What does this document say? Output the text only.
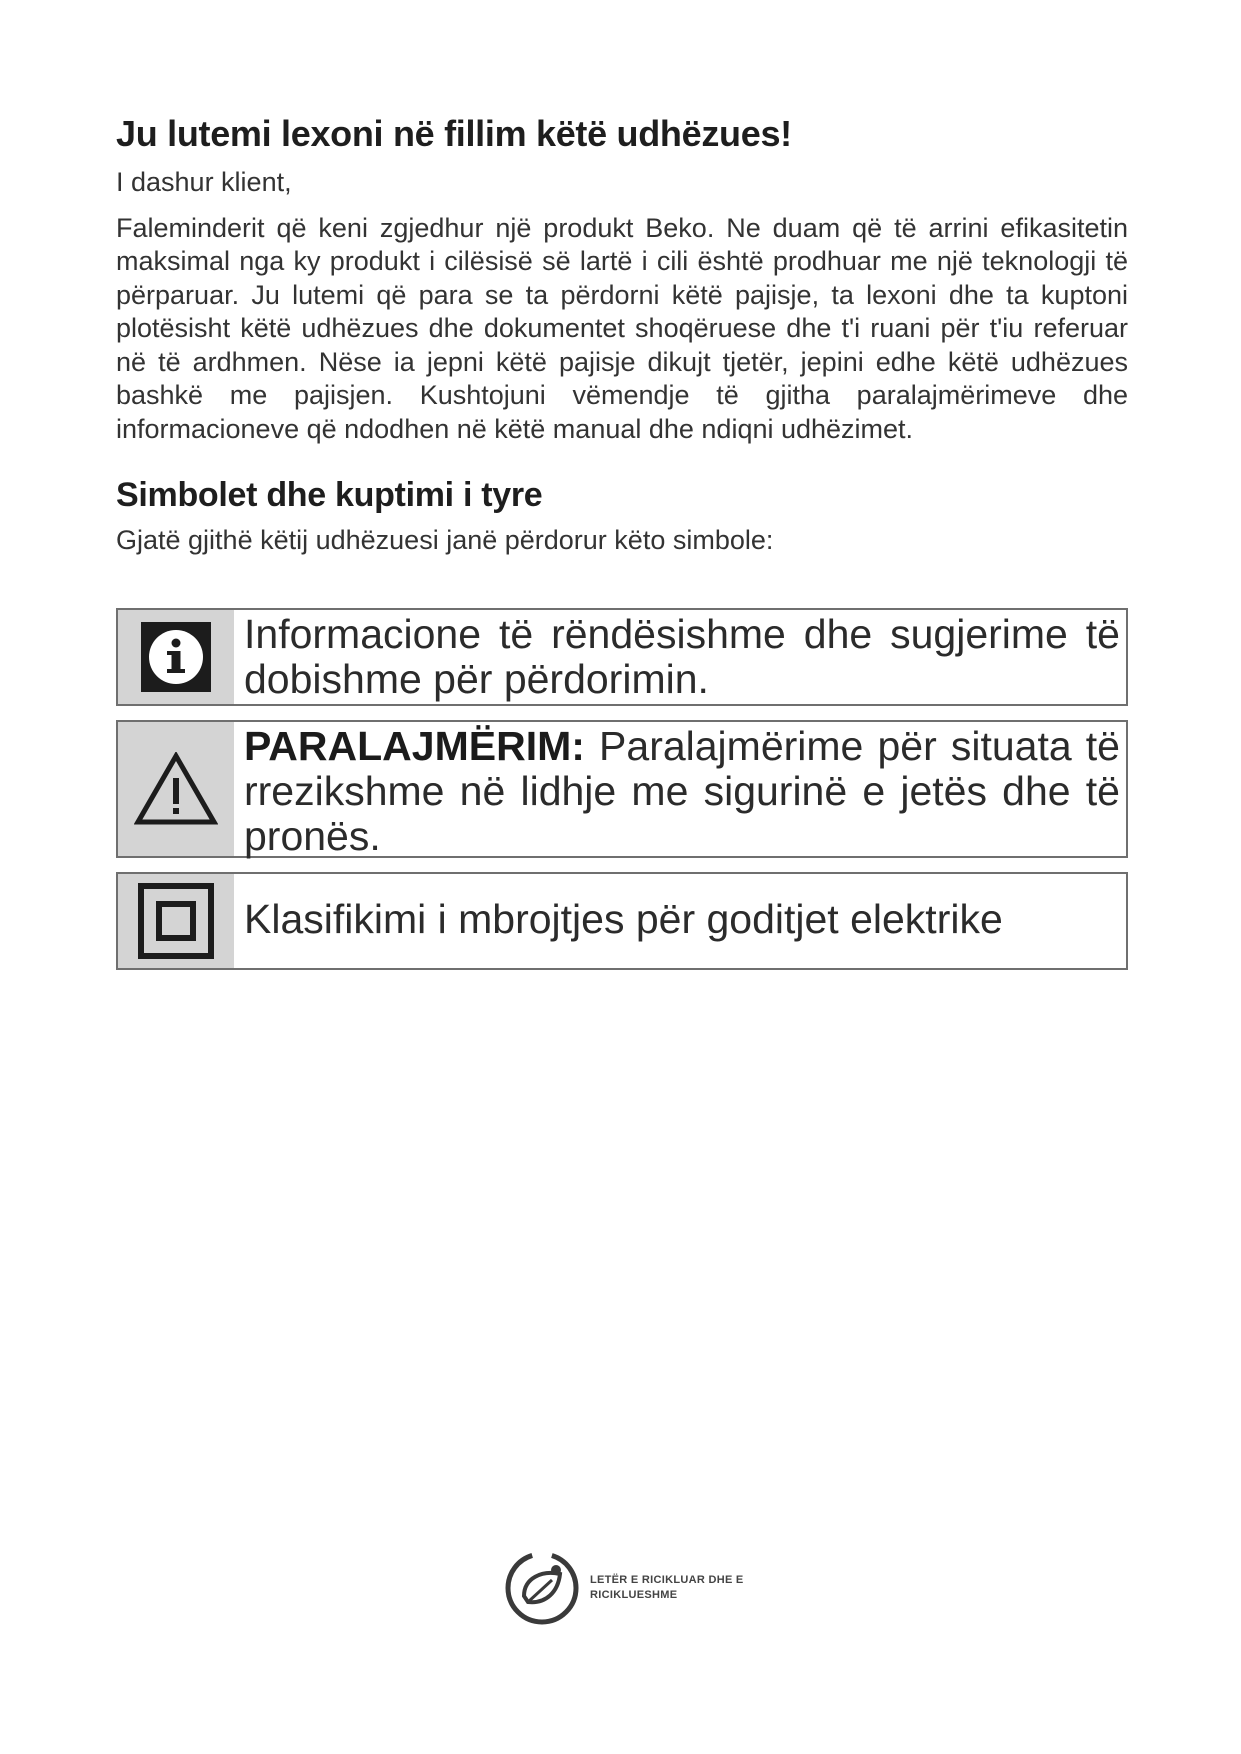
Ju lutemi lexoni në fillim këtë udhëzues!

I dashur klient,

Faleminderit që keni zgjedhur një produkt Beko. Ne duam që të arrini efikasitetin maksimal nga ky produkt i cilësisë së lartë i cili është prodhuar me një teknologji të përparuar. Ju lutemi që para se ta përdorni këtë pajisje, ta lexoni dhe ta kuptoni plotësisht këtë udhëzues dhe dokumentet shoqëruese dhe t'i ruani për t'iu referuar në të ardhmen. Nëse ia jepni këtë pajisje dikujt tjetër, jepini edhe këtë udhëzues bashkë me pajisjen. Kushtojuni vëmendje të gjitha paralajmërimeve dhe informacioneve që ndodhen në këtë manual dhe ndiqni udhëzimet.

Simbolet dhe kuptimi i tyre

Gjatë gjithë këtij udhëzuesi janë përdorur këto simbole:

Informacione të rëndësishme dhe sugjerime të dobishme për përdorimin.
PARALAJMËRIM: Paralajmërime për situata të rrezikshme në lidhje me sigurinë e jetës dhe të pronës.
Klasifikimi i mbrojtjes për goditjet elektrike
LETËR E RICIKLUAR DHE E RICIKLUESHME
